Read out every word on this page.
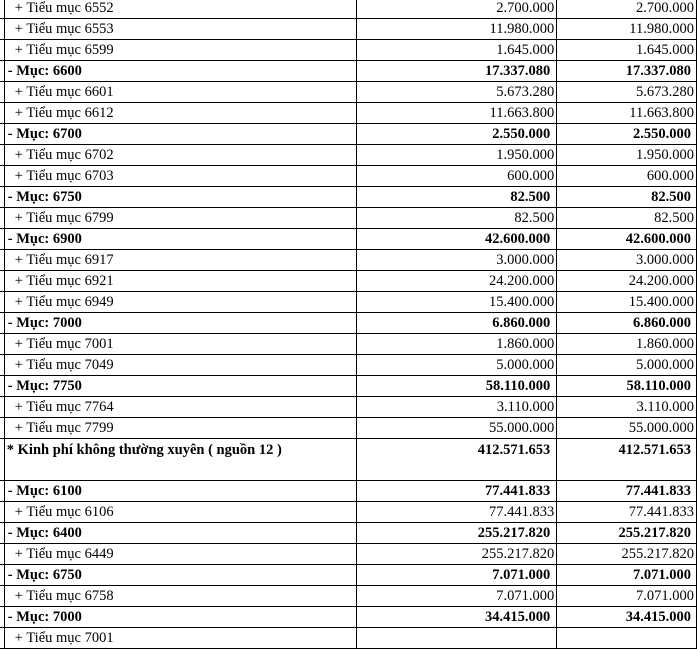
	+ Tiểu mục 6552	2.700.000	2.700.000
	+ Tiểu mục 6553	11.980.000	11.980.000
	+ Tiểu mục 6599	1.645.000	1.645.000
	- Mục: 6600	17.337.080	17.337.080
	+ Tiểu mục 6601	5.673.280	5.673.280
	+ Tiểu mục 6612	11.663.800	11.663.800
	- Mục: 6700	2.550.000	2.550.000
	+ Tiểu mục 6702	1.950.000	1.950.000
	+ Tiểu mục 6703	600.000	600.000
	- Mục: 6750	82.500	82.500
	+ Tiểu mục 6799	82.500	82.500
	- Mục: 6900	42.600.000	42.600.000
	+ Tiểu mục 6917	3.000.000	3.000.000
	+ Tiểu mục 6921	24.200.000	24.200.000
	+ Tiểu mục 6949	15.400.000	15.400.000
	- Mục: 7000	6.860.000	6.860.000
	+ Tiểu mục 7001	1.860.000	1.860.000
	+ Tiểu mục 7049	5.000.000	5.000.000
	- Mục: 7750	58.110.000	58.110.000
	+ Tiểu mục 7764	3.110.000	3.110.000
	+ Tiểu mục 7799	55.000.000	55.000.000
	* Kinh phí không thường xuyên ( nguồn 12 )	412.571.653	412.571.653
	- Mục: 6100	77.441.833	77.441.833
	+ Tiểu mục 6106	77.441.833	77.441.833
	- Mục: 6400	255.217.820	255.217.820
	+ Tiểu mục 6449	255.217.820	255.217.820
	- Mục: 6750	7.071.000	7.071.000
	+ Tiểu mục 6758	7.071.000	7.071.000
	- Mục: 7000	34.415.000	34.415.000
	+ Tiểu mục 7001		
